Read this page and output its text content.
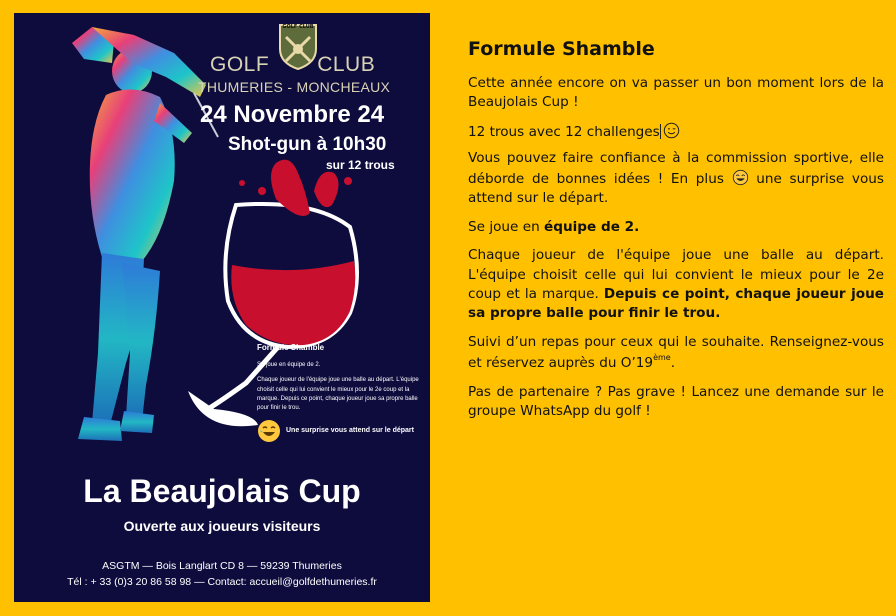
GOLF CLUB
GOLF CLUB
THUMERIES - MONCHEAUX
24 Novembre 24
Shot-gun à 10h30
sur 12 trous
Formule Shamble
Se joue en équipe de 2.
Chaque joueur de l'équipe joue une balle au départ. L'équipe choisit celle qui lui convient le mieux pour le 2e coup et la marque. Depuis ce point, chaque joueur joue sa propre balle pour finir le trou.
Une surprise vous attend sur le départ
La Beaujolais Cup
Ouverte aux joueurs visiteurs
ASGTM — Bois Langlart CD 8 — 59239 Thumeries
Tél : + 33 (0)3 20 86 58 98 — Contact: accueil@golfdethumeries.fr
Formule Shamble

Cette année encore on va passer un bon moment lors de la Beaujolais Cup !

12 trous avec 12 challenges

Vous pouvez faire confiance à la commission sportive, elle déborde de bonnes idées ! En plus  une surprise vous attend sur le départ.

Se joue en équipe de 2.

Chaque joueur de l'équipe joue une balle au départ. L'équipe choisit celle qui lui convient le mieux pour le 2e coup et la marque. Depuis ce point, chaque joueur joue sa propre balle pour finir le trou.

Suivi d’un repas pour ceux qui le souhaite. Renseignez-vous et réservez auprès du O’19ème.

Pas de partenaire ? Pas grave ! Lancez une demande sur le groupe WhatsApp du golf !
